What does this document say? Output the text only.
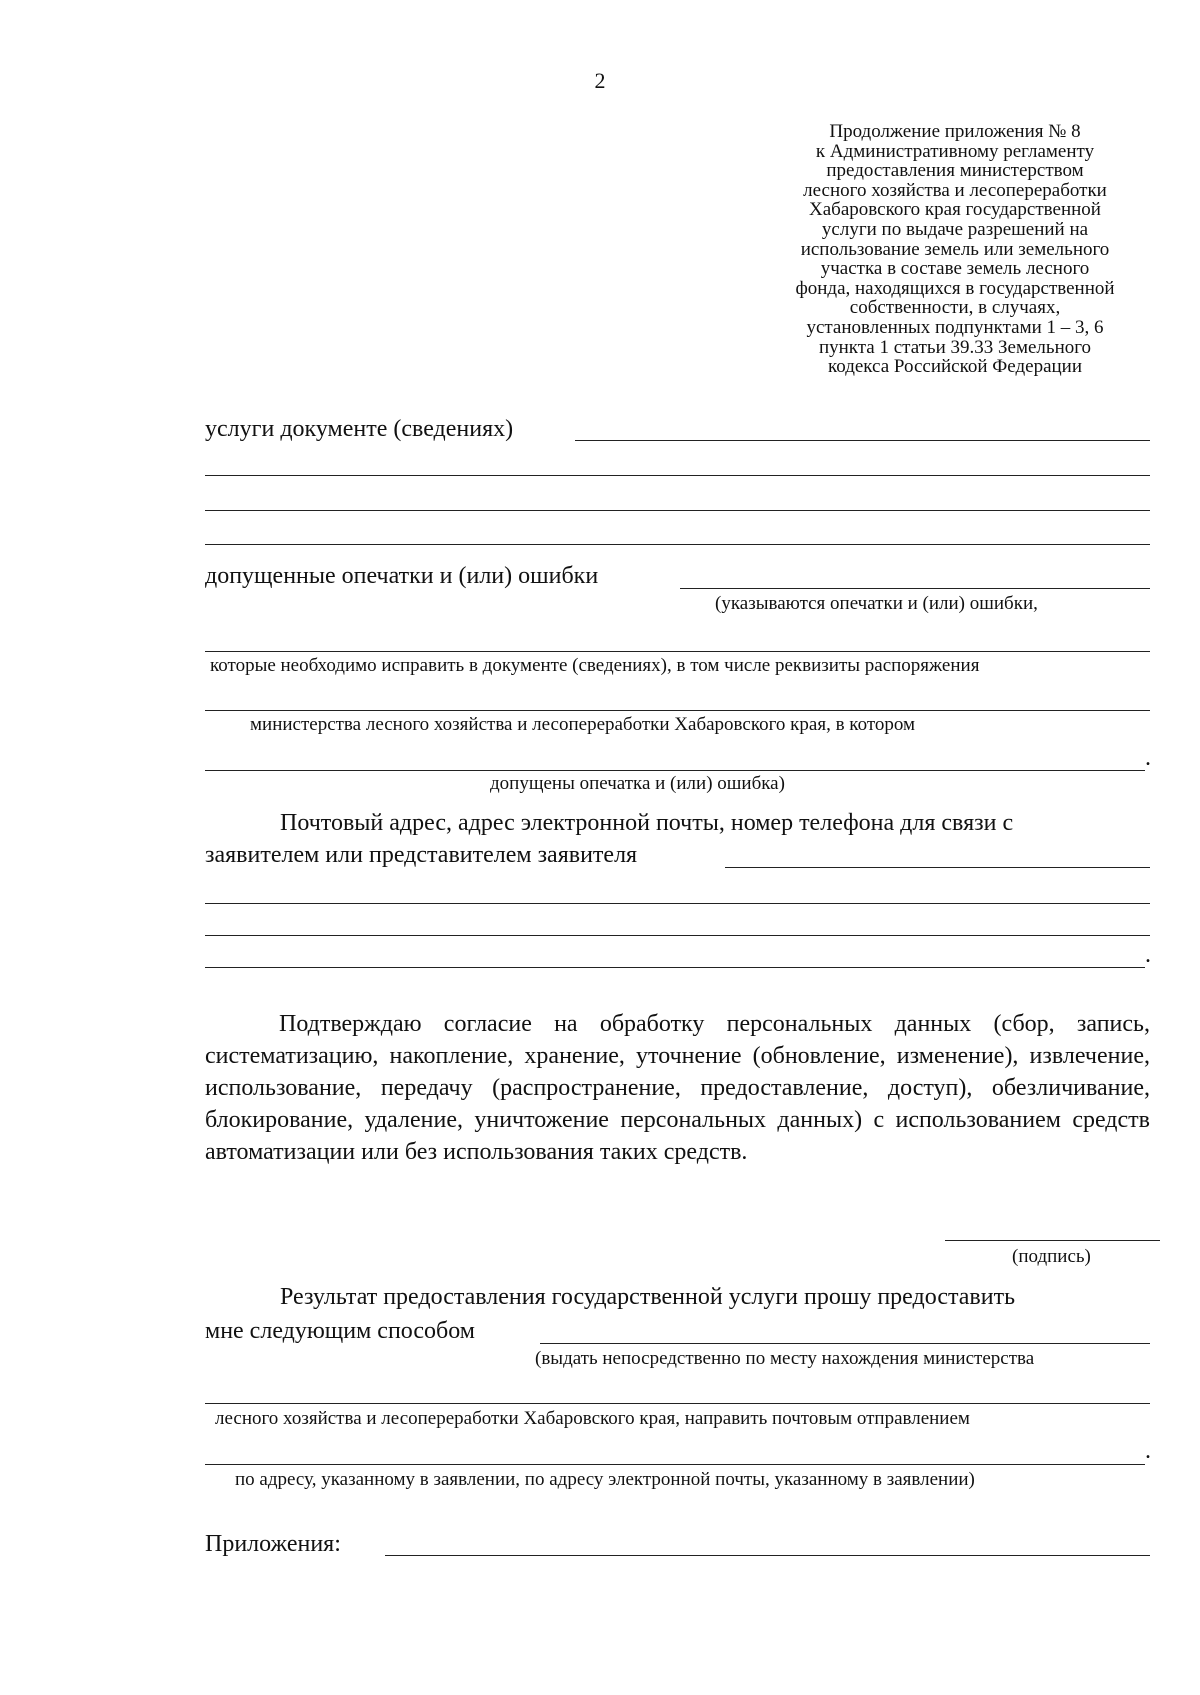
2
Продолжение приложения № 8
к Административному регламенту
предоставления министерством
лесного хозяйства и лесопереработки
Хабаровского края государственной
услуги по выдаче разрешений на
использование земель или земельного
участка в составе земель лесного
фонда, находящихся в государственной
собственности, в случаях,
установленных подпунктами 1 – 3, 6
пункта 1 статьи 39.33 Земельного
кодекса Российской Федерации
услуги документе (сведениях)
допущенные опечатки и (или) ошибки
(указываются опечатки и (или) ошибки,
которые необходимо исправить в документе (сведениях), в том числе реквизиты распоряжения
министерства лесного хозяйства и лесопереработки Хабаровского края, в котором
.
допущены опечатка и (или) ошибка)
Почтовый адрес, адрес электронной почты, номер телефона для связи с
заявителем или представителем заявителя
.
Подтверждаю согласие на обработку персональных данных (сбор, запись, систематизацию, накопление, хранение, уточнение (обновление, изменение), извлечение, использование, передачу (распространение, предоставление, доступ), обезличивание, блокирование, удаление, уничтожение персональных данных) с использованием средств автоматизации или без использования таких средств.
(подпись)
Результат предоставления государственной услуги прошу предоставить
мне следующим способом
(выдать непосредственно по месту нахождения министерства
лесного хозяйства и лесопереработки Хабаровского края, направить почтовым отправлением
.
по адресу, указанному в заявлении, по адресу электронной почты, указанному в заявлении)
Приложения:
